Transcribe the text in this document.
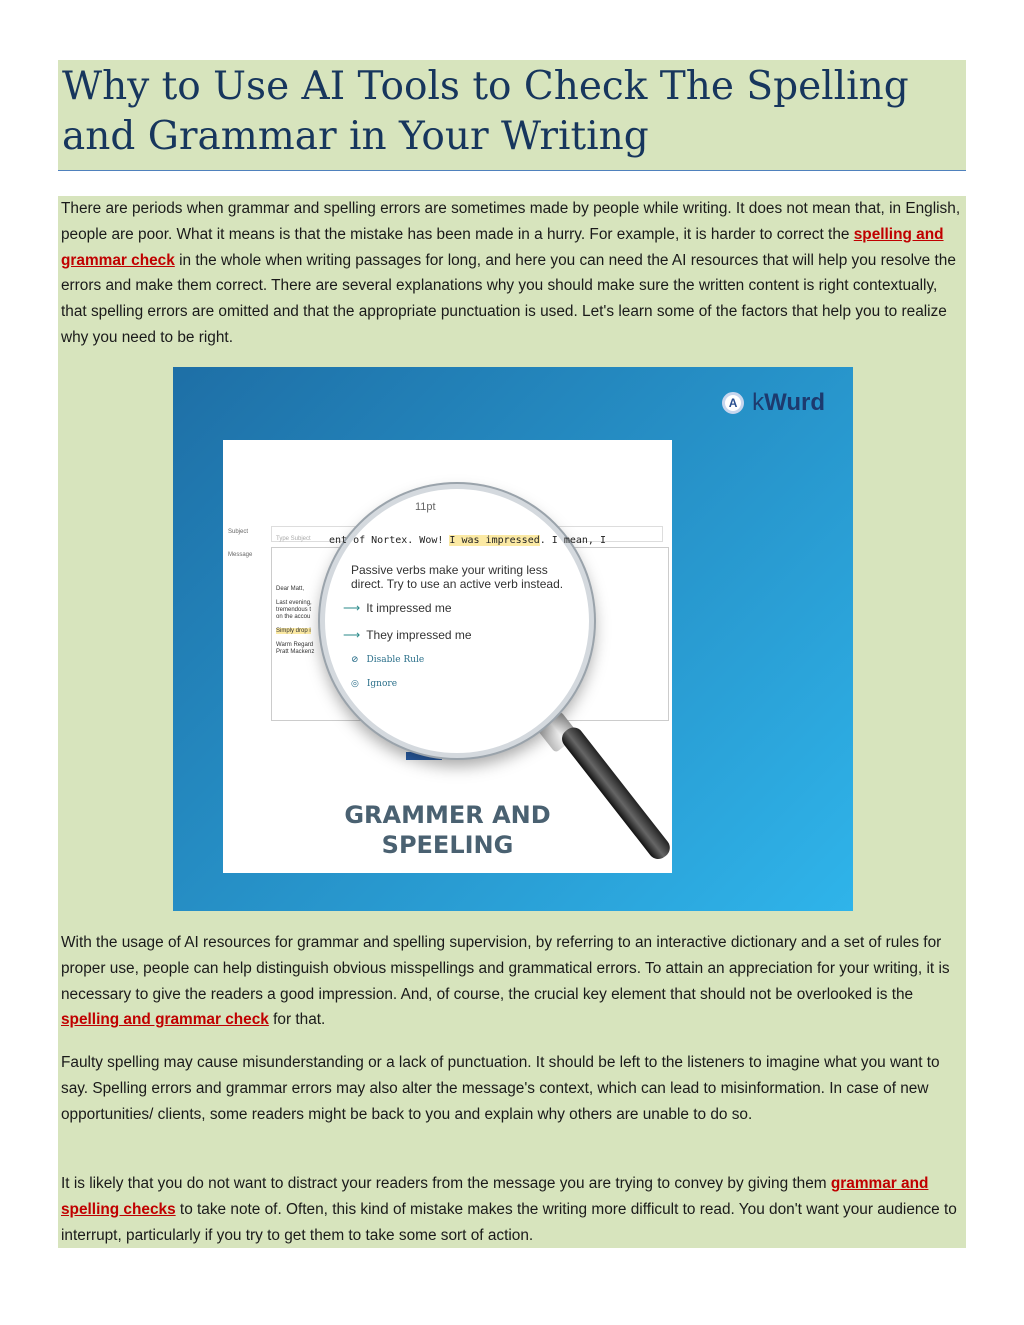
Why to Use AI Tools to Check The Spelling and Grammar in Your Writing

There are periods when grammar and spelling errors are sometimes made by people while writing. It does not mean that, in English, people are poor. What it means is that the mistake has been made in a hurry. For example, it is harder to correct the spelling and grammar check in the whole when writing passages for long, and here you can need the AI resources that will help you resolve the errors and make them correct. There are several explanations why you should make sure the written content is right contextually, that spelling errors are omitted and that the appropriate punctuation is used. Let's learn some of the factors that help you to realize why you need to be right.

A kWurd
Subject
Message
Type Subject
Dear Matt,
Last evening,
tremendous t
on the accou
Simply drop i
Warm Regard
Pratt Mackenz

GRAMMER AND
SPEELING

11pt
ent of Nortex. Wow! I was impressed. I mean, I

Passive verbs make your writing less direct. Try to use an active verb instead.

⟶ It impressed me
⟶ They impressed me
⊘ Disable Rule
◎ Ignore

With the usage of AI resources for grammar and spelling supervision, by referring to an interactive dictionary and a set of rules for proper use, people can help distinguish obvious misspellings and grammatical errors. To attain an appreciation for your writing, it is necessary to give the readers a good impression. And, of course, the crucial key element that should not be overlooked is the spelling and grammar check for that.

Faulty spelling may cause misunderstanding or a lack of punctuation. It should be left to the listeners to imagine what you want to say. Spelling errors and grammar errors may also alter the message's context, which can lead to misinformation. In case of new opportunities/ clients, some readers might be back to you and explain why others are unable to do so.

It is likely that you do not want to distract your readers from the message you are trying to convey by giving them grammar and spelling checks to take note of. Often, this kind of mistake makes the writing more difficult to read. You don't want your audience to interrupt, particularly if you try to get them to take some sort of action.
